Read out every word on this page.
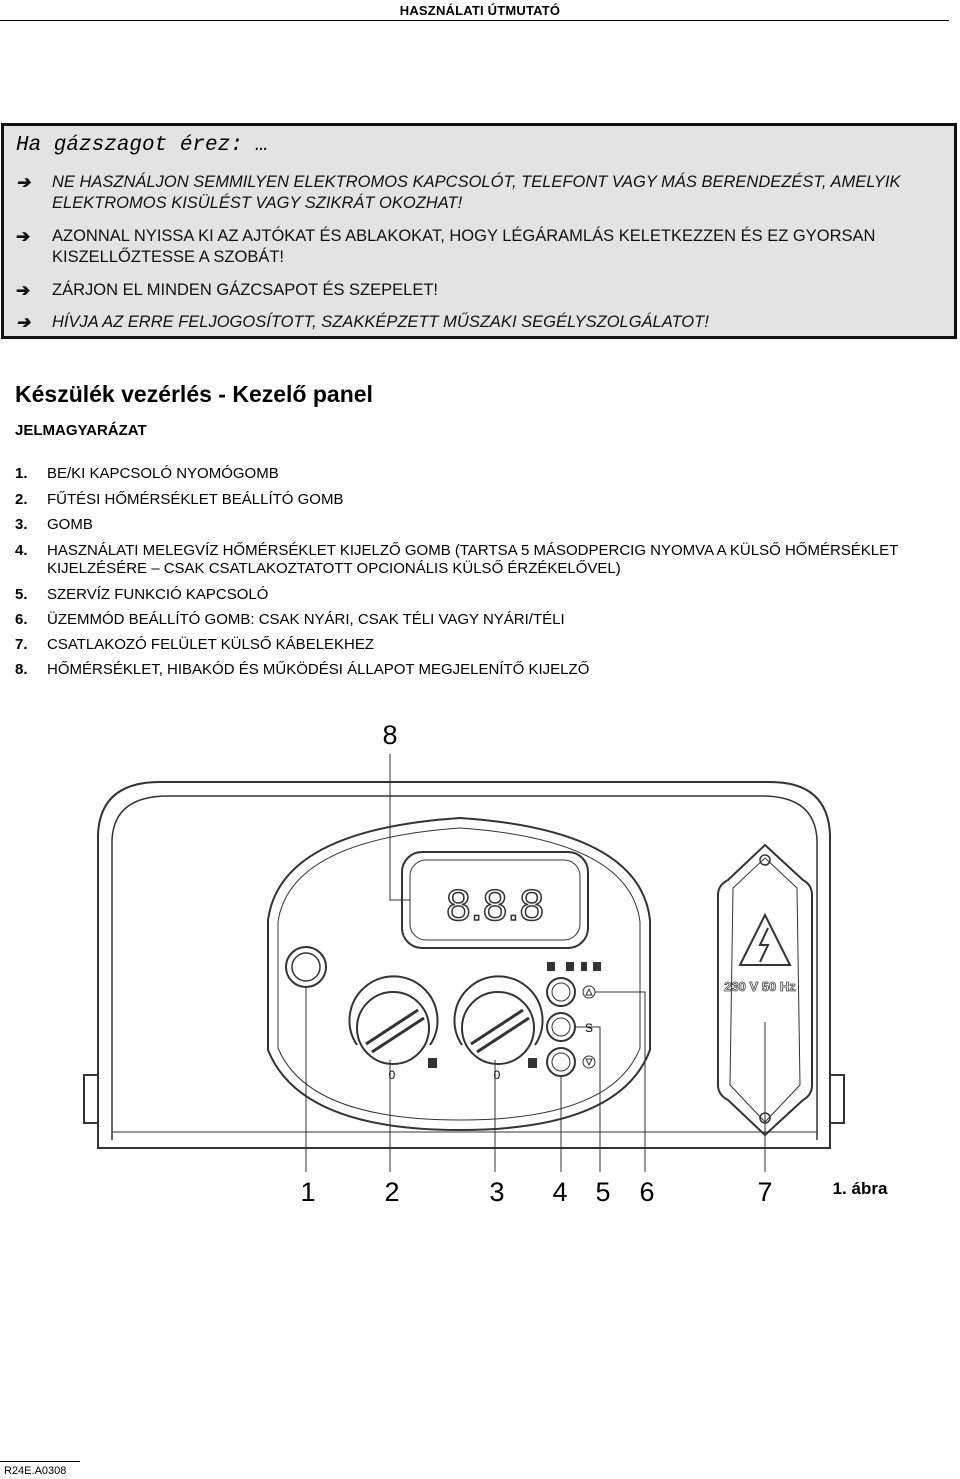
HASZNÁLATI ÚTMUTATÓ
Ha gázszagot érez: …
➔	NE HASZNÁLJON SEMMILYEN ELEKTROMOS KAPCSOLÓT, TELEFONT VAGY MÁS BERENDEZÉST, AMELYIK ELEKTROMOS KISÜLÉST VAGY SZIKRÁT OKOZHAT!
➔	AZONNAL NYISSA KI AZ AJTÓKAT ÉS ABLAKOKAT, HOGY LÉGÁRAMLÁS KELETKEZZEN ÉS EZ GYORSAN KISZELLŐZTESSE A SZOBÁT!
➔	ZÁRJON EL MINDEN GÁZCSAPOT ÉS SZEPELET!
➔	HÍVJA AZ ERRE FELJOGOSÍTOTT, SZAKKÉPZETT MŰSZAKI SEGÉLYSZOLGÁLATOT!
Készülék vezérlés - Kezelő panel
JELMAGYARÁZAT
1.	BE/KI KAPCSOLÓ NYOMÓGOMB
2.	FŰTÉSI HŐMÉRSÉKLET BEÁLLÍTÓ GOMB
3.	GOMB
4.	HASZNÁLATI MELEGVÍZ HŐMÉRSÉKLET KIJELZŐ GOMB (TARTSA 5 MÁSODPERCIG NYOMVA A KÜLSŐ HŐMÉRSÉKLET KIJELZÉSÉRE – CSAK CSATLAKOZTATOTT OPCIONÁLIS KÜLSŐ ÉRZÉKELŐVEL)
5.	SZERVÍZ FUNKCIÓ KAPCSOLÓ
6.	ÜZEMMÓD BEÁLLÍTÓ GOMB: CSAK NYÁRI, CSAK TÉLI VAGY NYÁRI/TÉLI
7.	CSATLAKOZÓ FELÜLET KÜLSŐ KÁBELEKHEZ
8.	HŐMÉRSÉKLET, HIBAKÓD ÉS MŰKÖDÉSI ÁLLAPOT MEGJELENÍTŐ KIJELZŐ
8.8.8
0	0
S
230 V 50 Hz
8
1	2	3 4 5 6	7	1. ábra
R24E.A0308
